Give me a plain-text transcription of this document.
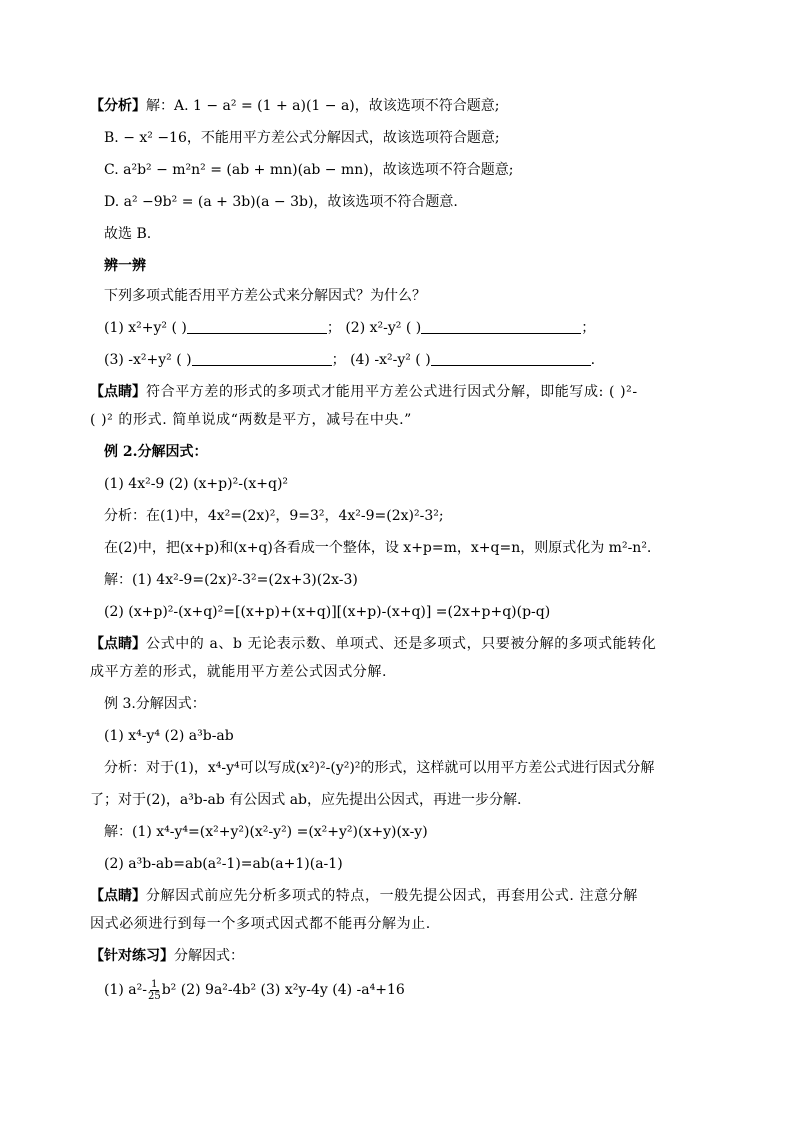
【分析】解：A. 1 − a² = (1 + a)(1 − a)，故该选项不符合题意;
B. − x² −16，不能用平方差公式分解因式，故该选项符合题意;
C. a²b² − m²n² = (ab + mn)(ab − mn)，故该选项不符合题意;
D. a² −9b² = (a + 3b)(a − 3b)，故该选项不符合题意.
故选 B.
辨一辨
下列多项式能否用平方差公式来分解因式？为什么？
(1) x²+y² ( )	； (2) x²-y² ( )	；
(3) -x²+y² ( )	； (4) -x²-y² ( )	.
【点睛】符合平方差的形式的多项式才能用平方差公式进行因式分解，即能写成: ( )²-
( )² 的形式. 简单说成“两数是平方，减号在中央.”
例 2.分解因式：
(1) 4x²-9 (2) (x+p)²-(x+q)²
分析：在(1)中，4x²=(2x)²，9=3²，4x²-9=(2x)²-3²;
在(2)中，把(x+p)和(x+q)各看成一个整体，设 x+p=m，x+q=n，则原式化为 m²-n².
解：(1) 4x²-9=(2x)²-3²=(2x+3)(2x-3)
(2) (x+p)²-(x+q)²=[(x+p)+(x+q)][(x+p)-(x+q)] =(2x+p+q)(p-q)
【点睛】公式中的 a、b 无论表示数、单项式、还是多项式，只要被分解的多项式能转化
成平方差的形式，就能用平方差公式因式分解.
例 3.分解因式：
(1) x⁴-y⁴ (2) a³b-ab
分析：对于(1)，x⁴-y⁴可以写成(x²)²-(y²)²的形式，这样就可以用平方差公式进行因式分解
了；对于(2)，a³b-ab 有公因式 ab，应先提出公因式，再进一步分解.
解：(1) x⁴-y⁴=(x²+y²)(x²-y²) =(x²+y²)(x+y)(x-y)
(2) a³b-ab=ab(a²-1)=ab(a+1)(a-1)
【点睛】分解因式前应先分析多项式的特点，一般先提公因式，再套用公式. 注意分解
因式必须进行到每一个多项式因式都不能再分解为止.
【针对练习】分解因式：
(1) $a^2- \frac{1}{25} b^2$ (2) 9a²-4b² (3) x²y-4y (4) -a⁴+16
